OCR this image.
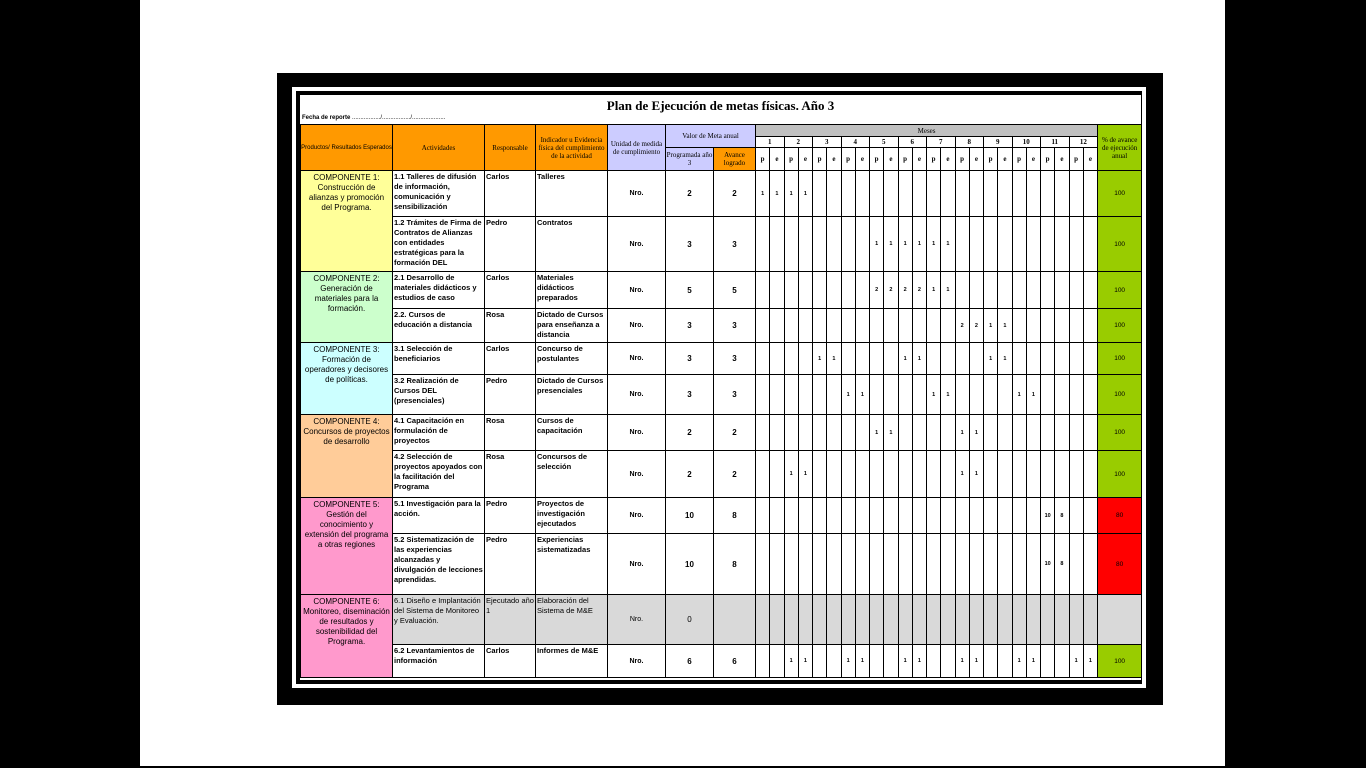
Plan de Ejecución de metas físicas. Año 3
Fecha de reporte ................./................./....................
Productos/ Resultados Esperados	Actividades	Responsable	Indicador u Evidencia física del cumplimiento de la actividad	Unidad de medida de cumplimiento	Valor de Meta anual		Meses																								% de avance de ejecución anual
							1		2		3		4		5		6		7		8		9		10		11		12		
					Programada año 3	Avance logrado	p	e	p	e	p	e	p	e	p	e	p	e	p	e	p	e	p	e	p	e	p	e	p	e	
COMPONENTE 1: Construcción de alianzas y promoción del Programa.	1.1 Talleres de difusión de información, comunicación y sensibilización	Carlos	Talleres	Nro.	2	2	1	1	1	1																					100
	1.2 Trámites de Firma de Contratos de Alianzas con entidades estratégicas para la formación DEL	Pedro	Contratos	Nro.	3	3									1	1	1	1	1	1											100
COMPONENTE 2: Generación de materiales para la formación.	2.1 Desarrollo de materiales didácticos y estudios de caso	Carlos	Materiales didácticos preparados	Nro.	5	5									2	2	2	2	1	1											100
	2.2. Cursos de educación a distancia	Rosa	Dictado de Cursos para enseñanza a distancia	Nro.	3	3															2	2	1	1							100
COMPONENTE 3: Formación de operadores y decisores de políticas.	3.1 Selección de beneficiarios	Carlos	Concurso de postulantes	Nro.	3	3					1	1					1	1					1	1							100
	3.2 Realización de Cursos DEL (presenciales)	Pedro	Dictado de Cursos presenciales	Nro.	3	3							1	1					1	1					1	1					100
COMPONENTE 4: Concursos de proyectos de desarrollo	4.1 Capacitación en formulación de proyectos	Rosa	Cursos de capacitación	Nro.	2	2									1	1					1	1									100
	4.2 Selección de proyectos apoyados con la facilitación del Programa	Rosa	Concursos de selección	Nro.	2	2			1	1											1	1									100
COMPONENTE 5: Gestión del conocimiento y extensión del programa a otras regiones	5.1 Investigación para la acción.	Pedro	Proyectos de investigación ejecutados	Nro.	10	8																					10	8			80
	5.2 Sistematización de las experiencias alcanzadas y divulgación de lecciones aprendidas.	Pedro	Experiencias sistematizadas	Nro.	10	8																					10	8			80
COMPONENTE 6: Monitoreo, diseminación de resultados y sostenibilidad del Programa.	6.1 Diseño e Implantación del Sistema de Monitoreo y Evaluación.	Ejecutado año 1	Elaboración del Sistema de M&E	Nro.	0																										
	6.2 Levantamientos de información	Carlos	Informes de M&E	Nro.	6	6			1	1			1	1			1	1			1	1			1	1			1	1	100
